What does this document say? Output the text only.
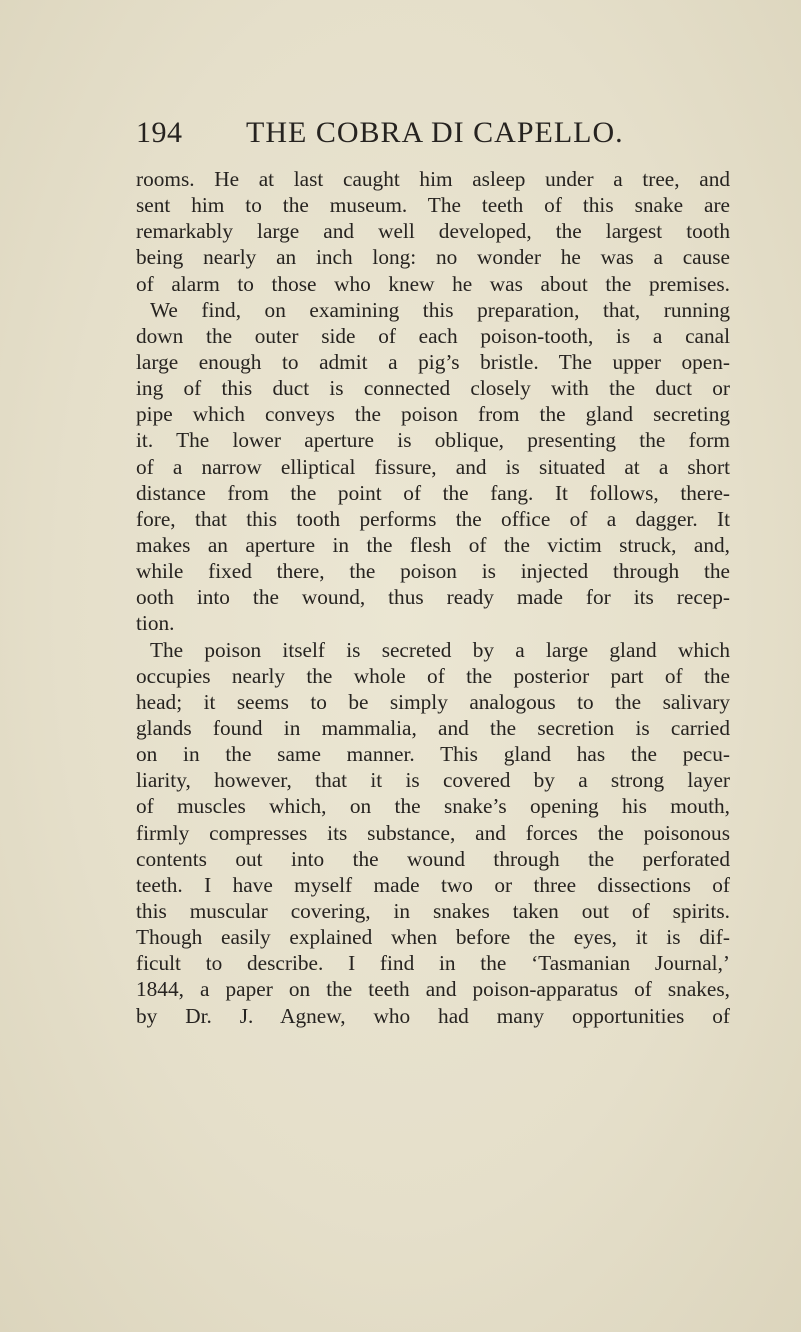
194 THE COBRA DI CAPELLO.
rooms. He at last caught him asleep under a tree, and
sent him to the museum. The teeth of this snake are
remarkably large and well developed, the largest tooth
being nearly an inch long: no wonder he was a cause
of alarm to those who knew he was about the premises.
We find, on examining this preparation, that, running
down the outer side of each poison-tooth, is a canal
large enough to admit a pig’s bristle. The upper open-
ing of this duct is connected closely with the duct or
pipe which conveys the poison from the gland secreting
it. The lower aperture is oblique, presenting the form
of a narrow elliptical fissure, and is situated at a short
distance from the point of the fang. It follows, there-
fore, that this tooth performs the office of a dagger. It
makes an aperture in the flesh of the victim struck, and,
while fixed there, the poison is injected through the
ooth into the wound, thus ready made for its recep-
tion.
The poison itself is secreted by a large gland which
occupies nearly the whole of the posterior part of the
head; it seems to be simply analogous to the salivary
glands found in mammalia, and the secretion is carried
on in the same manner. This gland has the pecu-
liarity, however, that it is covered by a strong layer
of muscles which, on the snake’s opening his mouth,
firmly compresses its substance, and forces the poisonous
contents out into the wound through the perforated
teeth. I have myself made two or three dissections of
this muscular covering, in snakes taken out of spirits.
Though easily explained when before the eyes, it is dif-
ficult to describe. I find in the ‘Tasmanian Journal,’
1844, a paper on the teeth and poison-apparatus of snakes,
by Dr. J. Agnew, who had many opportunities of
